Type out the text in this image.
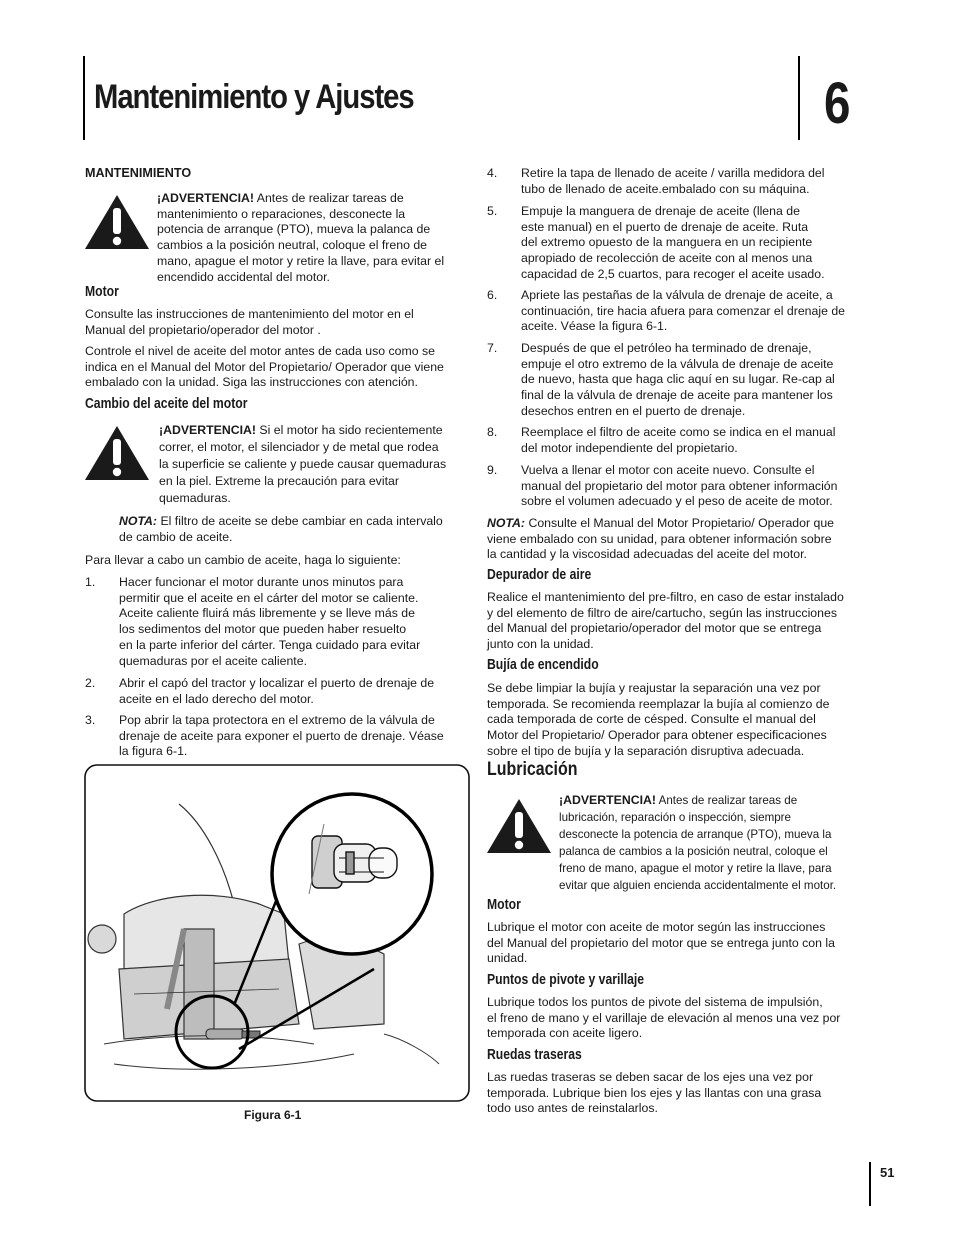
Mantenimiento y Ajustes	6
MANTENIMIENTO
¡ADVERTENCIA! Antes de realizar tareas de
mantenimiento o reparaciones, desconecte la
potencia de arranque (PTO), mueva la palanca de
cambios a la posición neutral, coloque el freno de
mano, apague el motor y retire la llave, para evitar el
encendido accidental del motor.
Motor
Consulte las instrucciones de mantenimiento del motor en el
Manual del propietario/operador del motor .
Controle el nivel de aceite del motor antes de cada uso como se
indica en el Manual del Motor del Propietario/ Operador que viene
embalado con la unidad. Siga las instrucciones con atención.
Cambio del aceite del motor
¡ADVERTENCIA! Si el motor ha sido recientemente
correr, el motor, el silenciador y de metal que rodea
la superficie se caliente y puede causar quemaduras
en la piel. Extreme la precaución para evitar
quemaduras.
NOTA: El filtro de aceite se debe cambiar en cada intervalo
de cambio de aceite.
Para llevar a cabo un cambio de aceite, haga lo siguiente:
1. Hacer funcionar el motor durante unos minutos para
permitir que el aceite en el cárter del motor se caliente.
Aceite caliente fluirá más libremente y se lleve más de
los sedimentos del motor que pueden haber resuelto
en la parte inferior del cárter. Tenga cuidado para evitar
quemaduras por el aceite caliente.
2. Abrir el capó del tractor y localizar el puerto de drenaje de
aceite en el lado derecho del motor.
3. Pop abrir la tapa protectora en el extremo de la válvula de
drenaje de aceite para exponer el puerto de drenaje. Véase
la figura 6-1.
Figura 6-1
4. Retire la tapa de llenado de aceite / varilla medidora del
tubo de llenado de aceite.embalado con su máquina.
5. Empuje la manguera de drenaje de aceite (llena de
este manual) en el puerto de drenaje de aceite. Ruta
del extremo opuesto de la manguera en un recipiente
apropiado de recolección de aceite con al menos una
capacidad de 2,5 cuartos, para recoger el aceite usado.
6. Apriete las pestañas de la válvula de drenaje de aceite, a
continuación, tire hacia afuera para comenzar el drenaje de
aceite. Véase la figura 6-1.
7. Después de que el petróleo ha terminado de drenaje,
empuje el otro extremo de la válvula de drenaje de aceite
de nuevo, hasta que haga clic aquí en su lugar. Re-cap al
final de la válvula de drenaje de aceite para mantener los
desechos entren en el puerto de drenaje.
8. Reemplace el filtro de aceite como se indica en el manual
del motor independiente del propietario.
9. Vuelva a llenar el motor con aceite nuevo. Consulte el
manual del propietario del motor para obtener información
sobre el volumen adecuado y el peso de aceite de motor.
NOTA: Consulte el Manual del Motor Propietario/ Operador que
viene embalado con su unidad, para obtener información sobre
la cantidad y la viscosidad adecuadas del aceite del motor.
Depurador de aire
Realice el mantenimiento del pre-filtro, en caso de estar instalado
y del elemento de filtro de aire/cartucho, según las instrucciones
del Manual del propietario/operador del motor que se entrega
junto con la unidad.
Bujía de encendido
Se debe limpiar la bujía y reajustar la separación una vez por
temporada. Se recomienda reemplazar la bujía al comienzo de
cada temporada de corte de césped. Consulte el manual del
Motor del Propietario/ Operador para obtener especificaciones
sobre el tipo de bujía y la separación disruptiva adecuada.
Lubricación
¡ADVERTENCIA! Antes de realizar tareas de
lubricación, reparación o inspección, siempre
desconecte la potencia de arranque (PTO), mueva la
palanca de cambios a la posición neutral, coloque el
freno de mano, apague el motor y retire la llave, para
evitar que alguien encienda accidentalmente el motor.
Motor
Lubrique el motor con aceite de motor según las instrucciones
del Manual del propietario del motor que se entrega junto con la
unidad.
Puntos de pivote y varillaje
Lubrique todos los puntos de pivote del sistema de impulsión,
el freno de mano y el varillaje de elevación al menos una vez por
temporada con aceite ligero.
Ruedas traseras
Las ruedas traseras se deben sacar de los ejes una vez por
temporada. Lubrique bien los ejes y las llantas con una grasa
todo uso antes de reinstalarlos.
51
